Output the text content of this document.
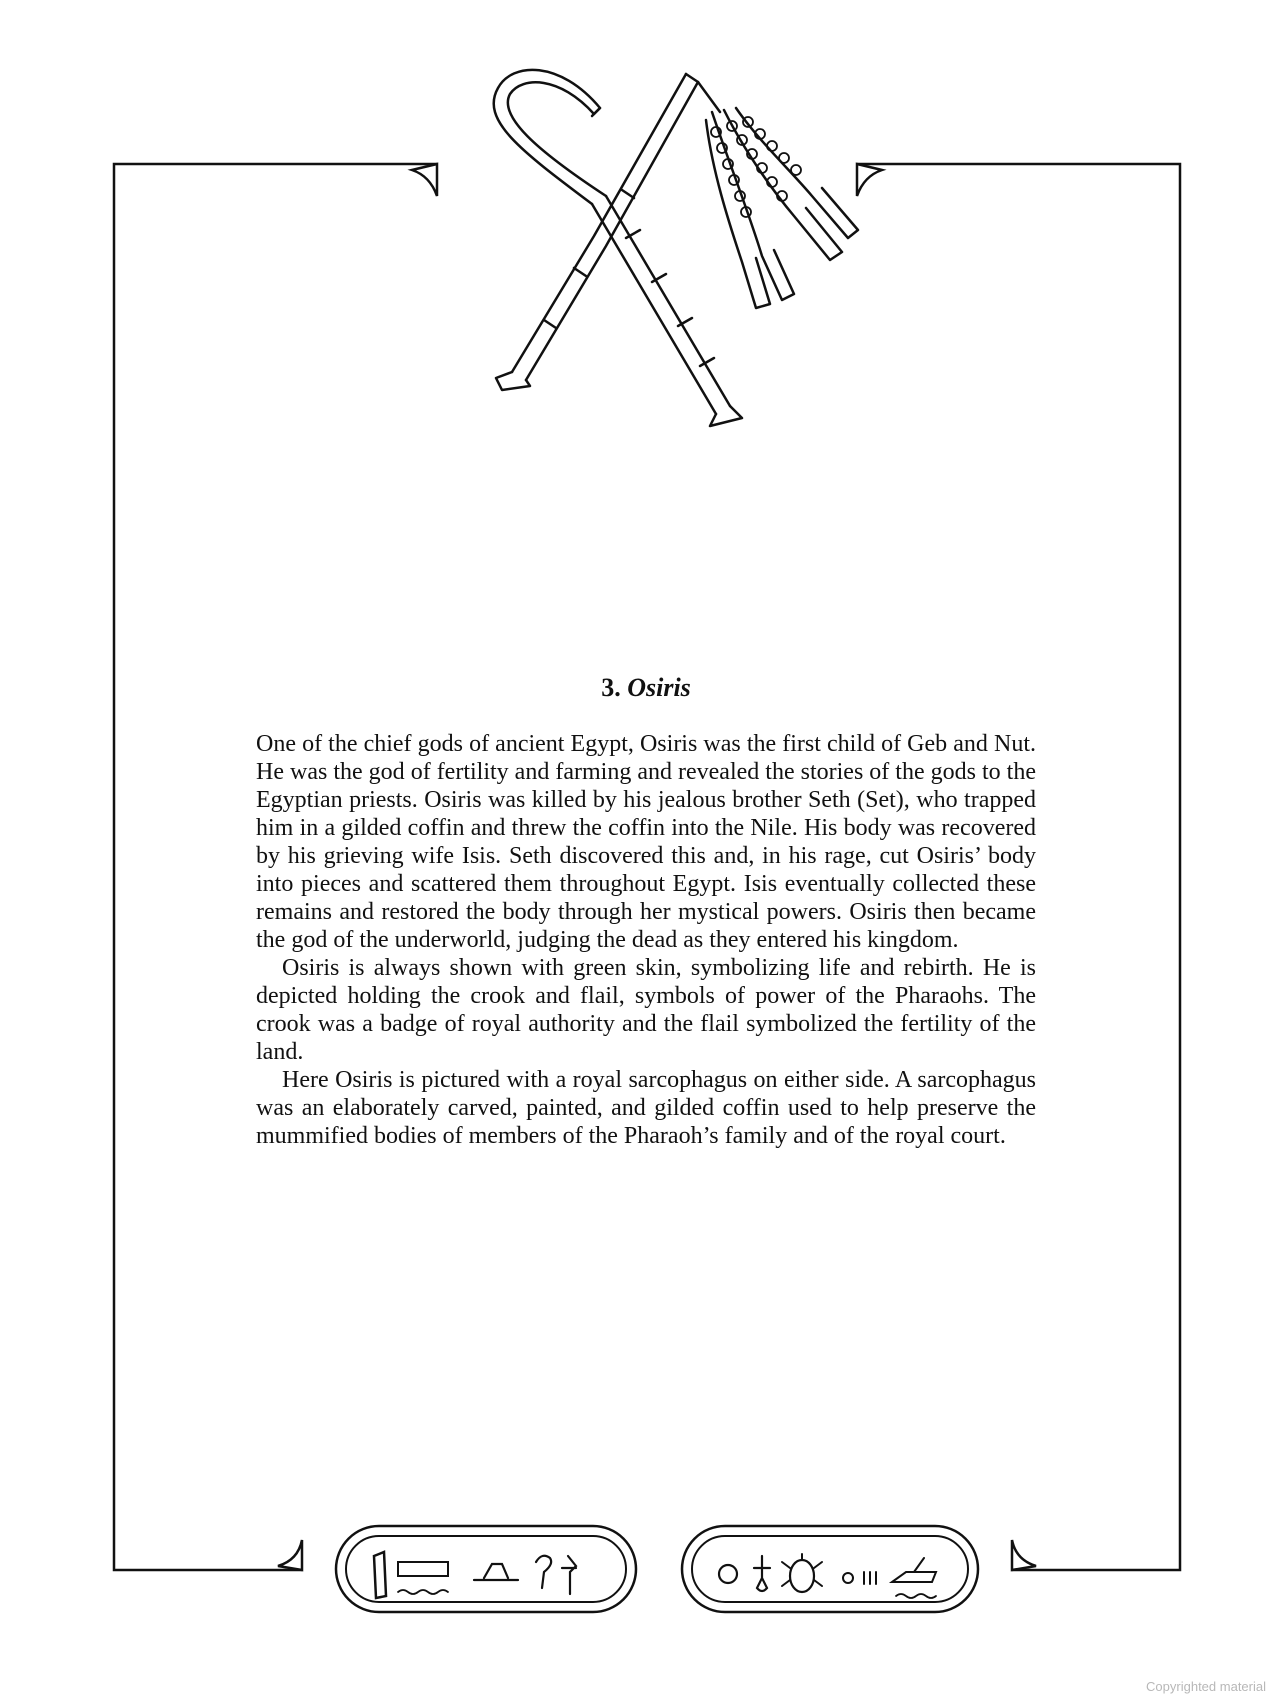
3. Osiris

One of the chief gods of ancient Egypt, Osiris was the first child of Geb and Nut. He was the god of fertility and farming and revealed the stories of the gods to the Egyptian priests. Osiris was killed by his jealous brother Seth (Set), who trapped him in a gilded coffin and threw the coffin into the Nile. His body was recovered by his grieving wife Isis. Seth discovered this and, in his rage, cut Osiris’ body into pieces and scattered them throughout Egypt. Isis eventually collected these remains and restored the body through her mystical powers. Osiris then became the god of the underworld, judging the dead as they entered his kingdom.

Osiris is always shown with green skin, symbolizing life and rebirth. He is depicted holding the crook and flail, symbols of power of the Pharaohs. The crook was a badge of royal authority and the flail symbolized the fertility of the land.

Here Osiris is pictured with a royal sarcophagus on either side. A sarcophagus was an elaborately carved, painted, and gilded coffin used to help preserve the mummified bodies of members of the Pharaoh’s family and of the royal court.

Copyrighted material
